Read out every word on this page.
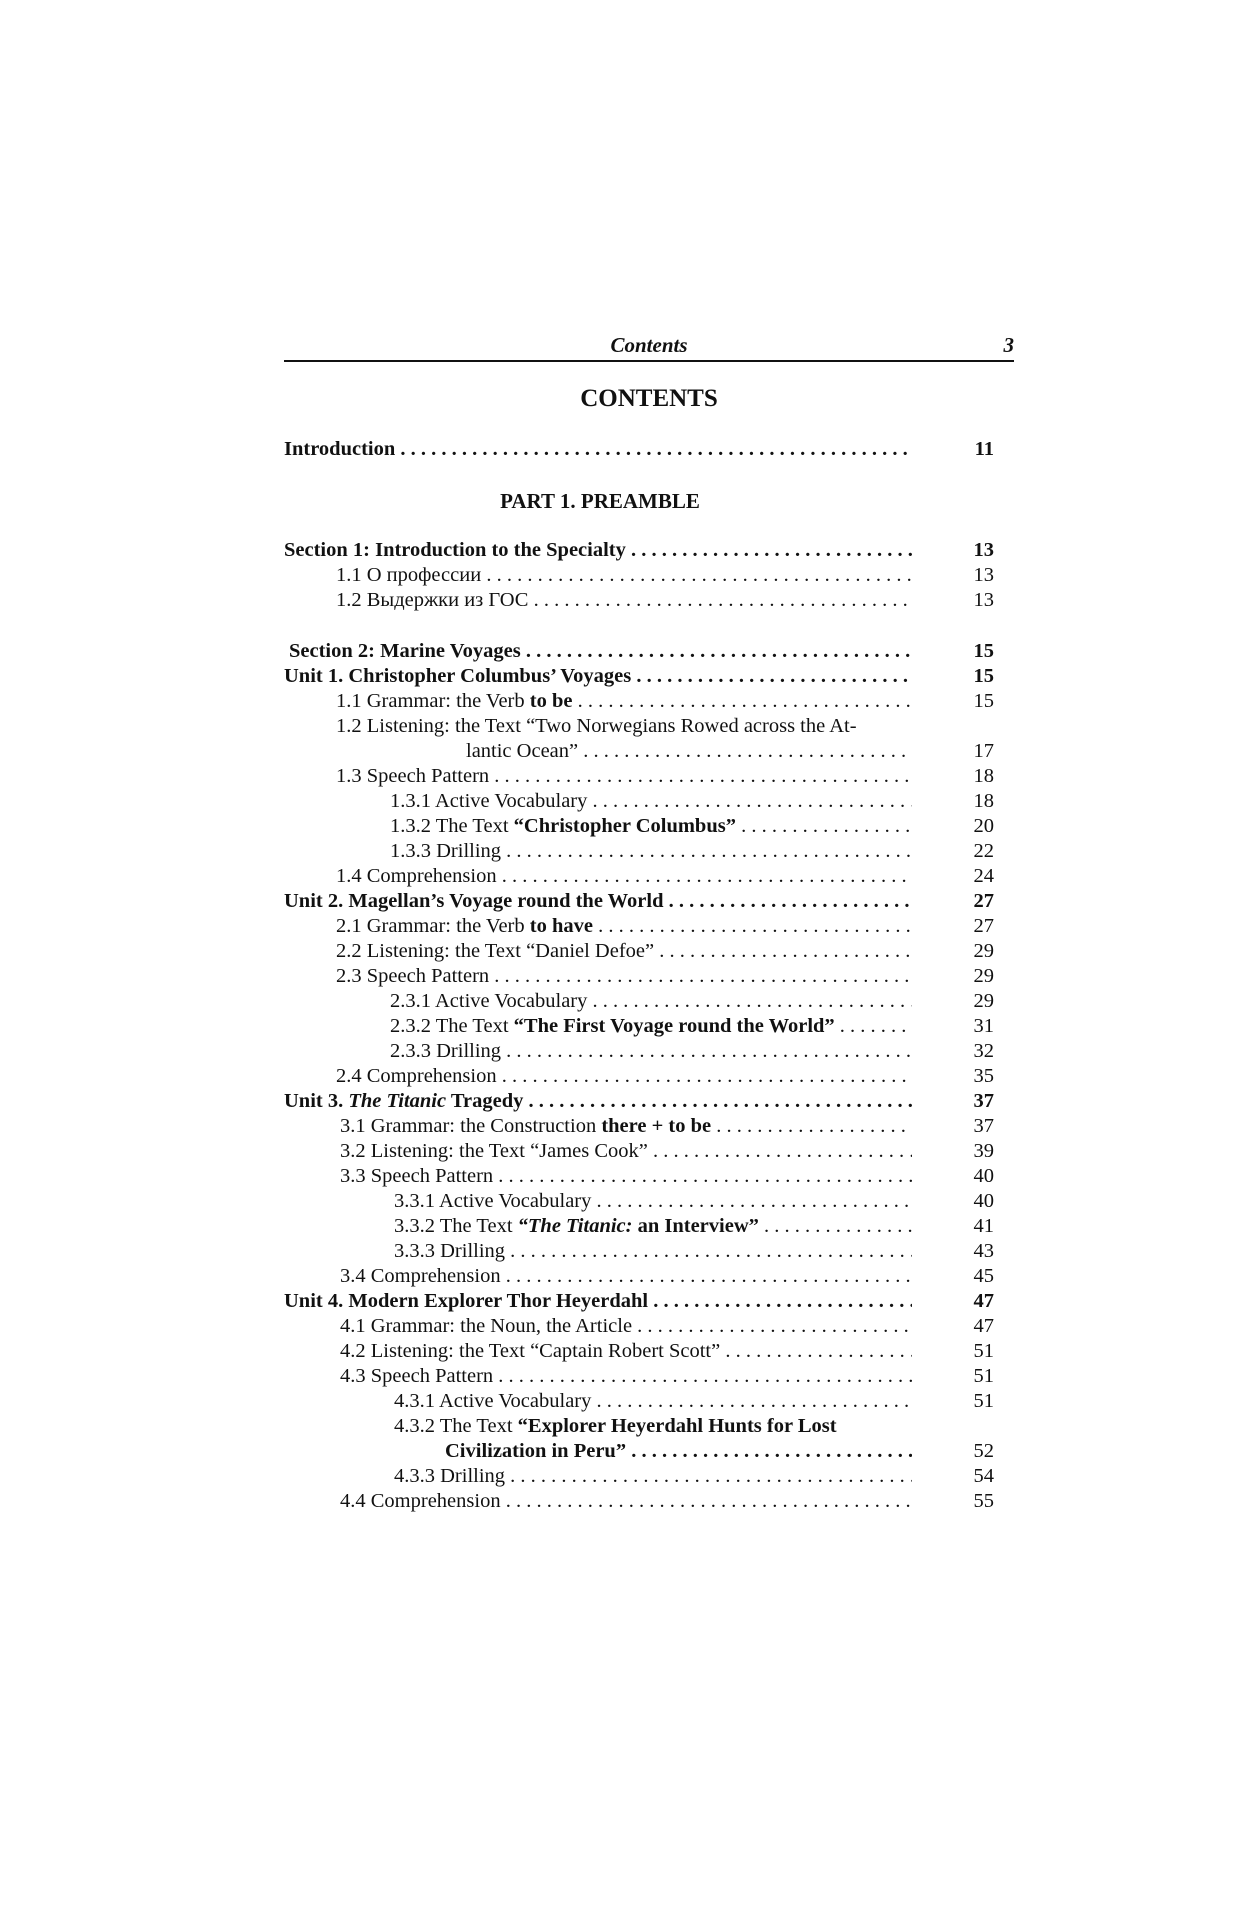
Contents	3
CONTENTS
Introduction . . .	11
PART 1. PREAMBLE
Section 1: Introduction to the Specialty . . .	13
1.1 О профессии . . .	13
1.2 Выдержки из ГОС . . .	13
Section 2: Marine Voyages . . .	15
Unit 1. Christopher Columbus’ Voyages . . .	15
1.1 Grammar: the Verb to be . . .	15
1.2 Listening: the Text “Two Norwegians Rowed across the At-
lantic Ocean” . . .	17
1.3 Speech Pattern . . .	18
1.3.1 Active Vocabulary . . .	18
1.3.2 The Text “Christopher Columbus” . . .	20
1.3.3 Drilling . . .	22
1.4 Comprehension . . .	24
Unit 2. Magellan’s Voyage round the World . . .	27
2.1 Grammar: the Verb to have . . .	27
2.2 Listening: the Text “Daniel Defoe” . . .	29
2.3 Speech Pattern . . .	29
2.3.1 Active Vocabulary . . .	29
2.3.2 The Text “The First Voyage round the World” . . .	31
2.3.3 Drilling . . .	32
2.4 Comprehension . . .	35
Unit 3. The Titanic Tragedy . . .	37
3.1 Grammar: the Construction there + to be . . .	37
3.2 Listening: the Text “James Cook” . . .	39
3.3 Speech Pattern . . .	40
3.3.1 Active Vocabulary . . .	40
3.3.2 The Text “The Titanic: an Interview” . . .	41
3.3.3 Drilling . . .	43
3.4 Comprehension . . .	45
Unit 4. Modern Explorer Thor Heyerdahl . . .	47
4.1 Grammar: the Noun, the Article . . .	47
4.2 Listening: the Text “Captain Robert Scott” . . .	51
4.3 Speech Pattern . . .	51
4.3.1 Active Vocabulary . . .	51
4.3.2 The Text “Explorer Heyerdahl Hunts for Lost
Civilization in Peru” . . .	52
4.3.3 Drilling . . .	54
4.4 Comprehension . . .	55
